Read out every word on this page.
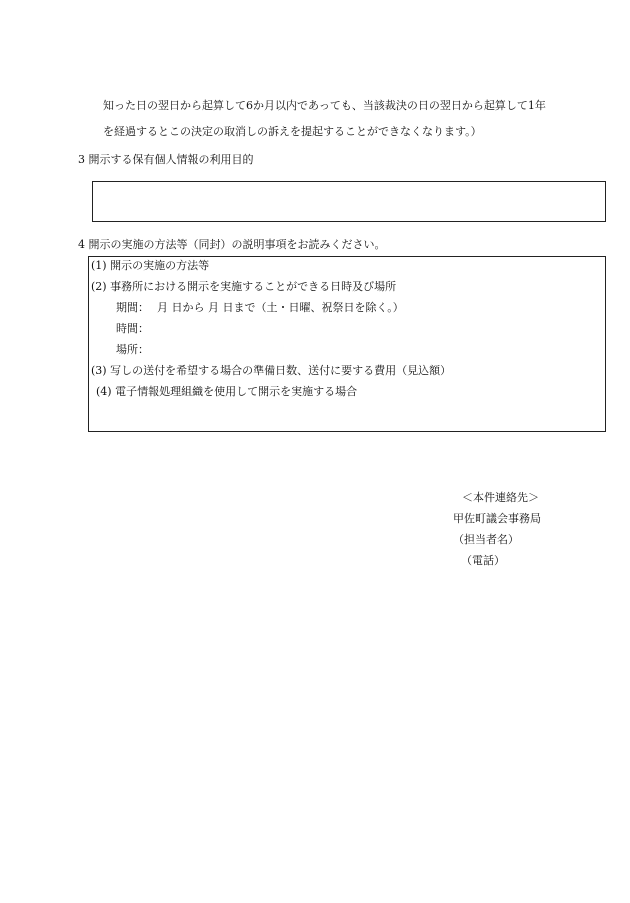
知った日の翌日から起算して6か月以内であっても、当該裁決の日の翌日から起算して1年

を経過するとこの決定の取消しの訴えを提起することができなくなります。）

3 開示する保有個人情報の利用目的

4 開示の実施の方法等（同封）の説明事項をお読みください。

(1) 開示の実施の方法等

(2) 事務所における開示を実施することができる日時及び場所

期間： 月 日から 月 日まで（土・日曜、祝祭日を除く。）

時間：

場所：

(3) 写しの送付を希望する場合の準備日数、送付に要する費用（見込額）

(4) 電子情報処理組織を使用して開示を実施する場合

＜本件連絡先＞

甲佐町議会事務局

（担当者名）

（電話）
